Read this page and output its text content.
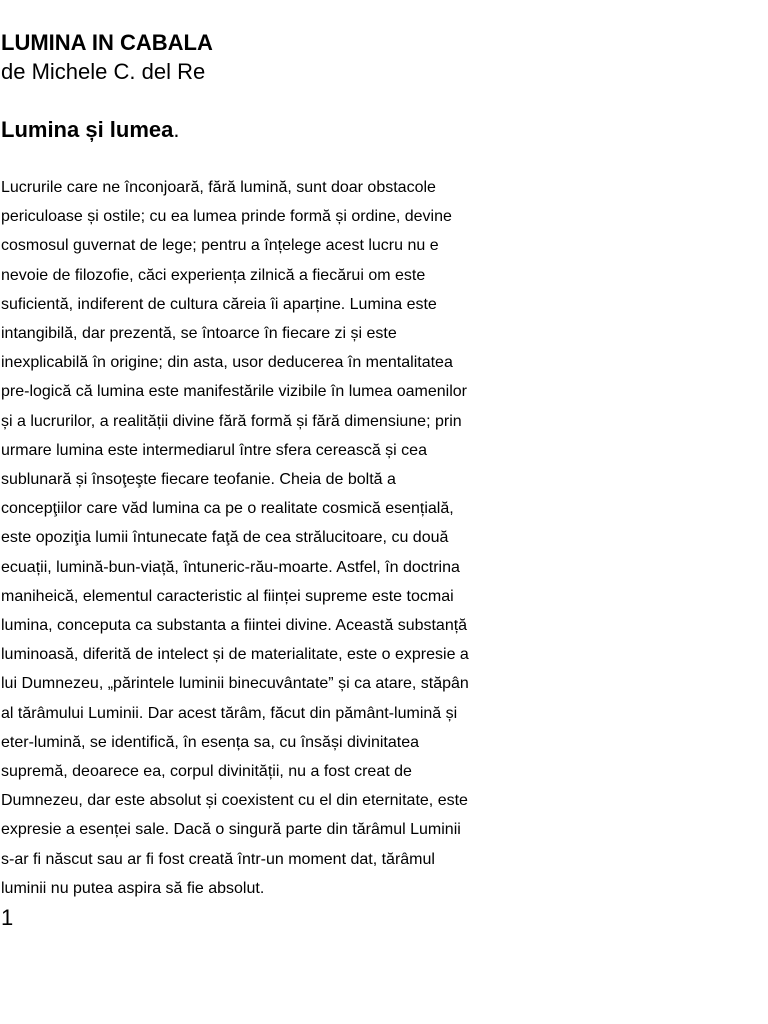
LUMINA IN CABALA

de Michele C. del Re

Lumina și lumea.

Lucrurile care ne înconjoară, fără lumină, sunt doar obstacole
periculoase și ostile; cu ea lumea prinde formă și ordine, devine
cosmosul guvernat de lege; pentru a înțelege acest lucru nu e
nevoie de filozofie, căci experiența zilnică a fiecărui om este
suficientă, indiferent de cultura căreia îi aparține. Lumina este
intangibilă, dar prezentă, se întoarce în fiecare zi și este
inexplicabilă în origine; din asta, usor deducerea în mentalitatea
pre-logică că lumina este manifestările vizibile în lumea oamenilor
și a lucrurilor, a realității divine fără formă și fără dimensiune; prin
urmare lumina este intermediarul între sfera cerească și cea
sublunară și însoţeşte fiecare teofanie. Cheia de boltă a
concepţiilor care văd lumina ca pe o realitate cosmică esențială,
este opoziţia lumii întunecate faţă de cea strălucitoare, cu două
ecuații, lumină-bun-viață, întuneric-rău-moarte. Astfel, în doctrina
maniheică, elementul caracteristic al ființei supreme este tocmai
lumina, conceputa ca substanta a fiintei divine. Această substanță
luminoasă, diferită de intelect și de materialitate, este o expresie a
lui Dumnezeu, „părintele luminii binecuvântate” și ca atare, stăpân
al tărâmului Luminii. Dar acest tărâm, făcut din pământ-lumină și
eter-lumină, se identifică, în esența sa, cu însăși divinitatea
supremă, deoarece ea, corpul divinității, nu a fost creat de
Dumnezeu, dar este absolut și coexistent cu el din eternitate, este
expresie a esenței sale. Dacă o singură parte din tărâmul Luminii
s-ar fi născut sau ar fi fost creată într-un moment dat, tărâmul
luminii nu putea aspira să fie absolut.

1
